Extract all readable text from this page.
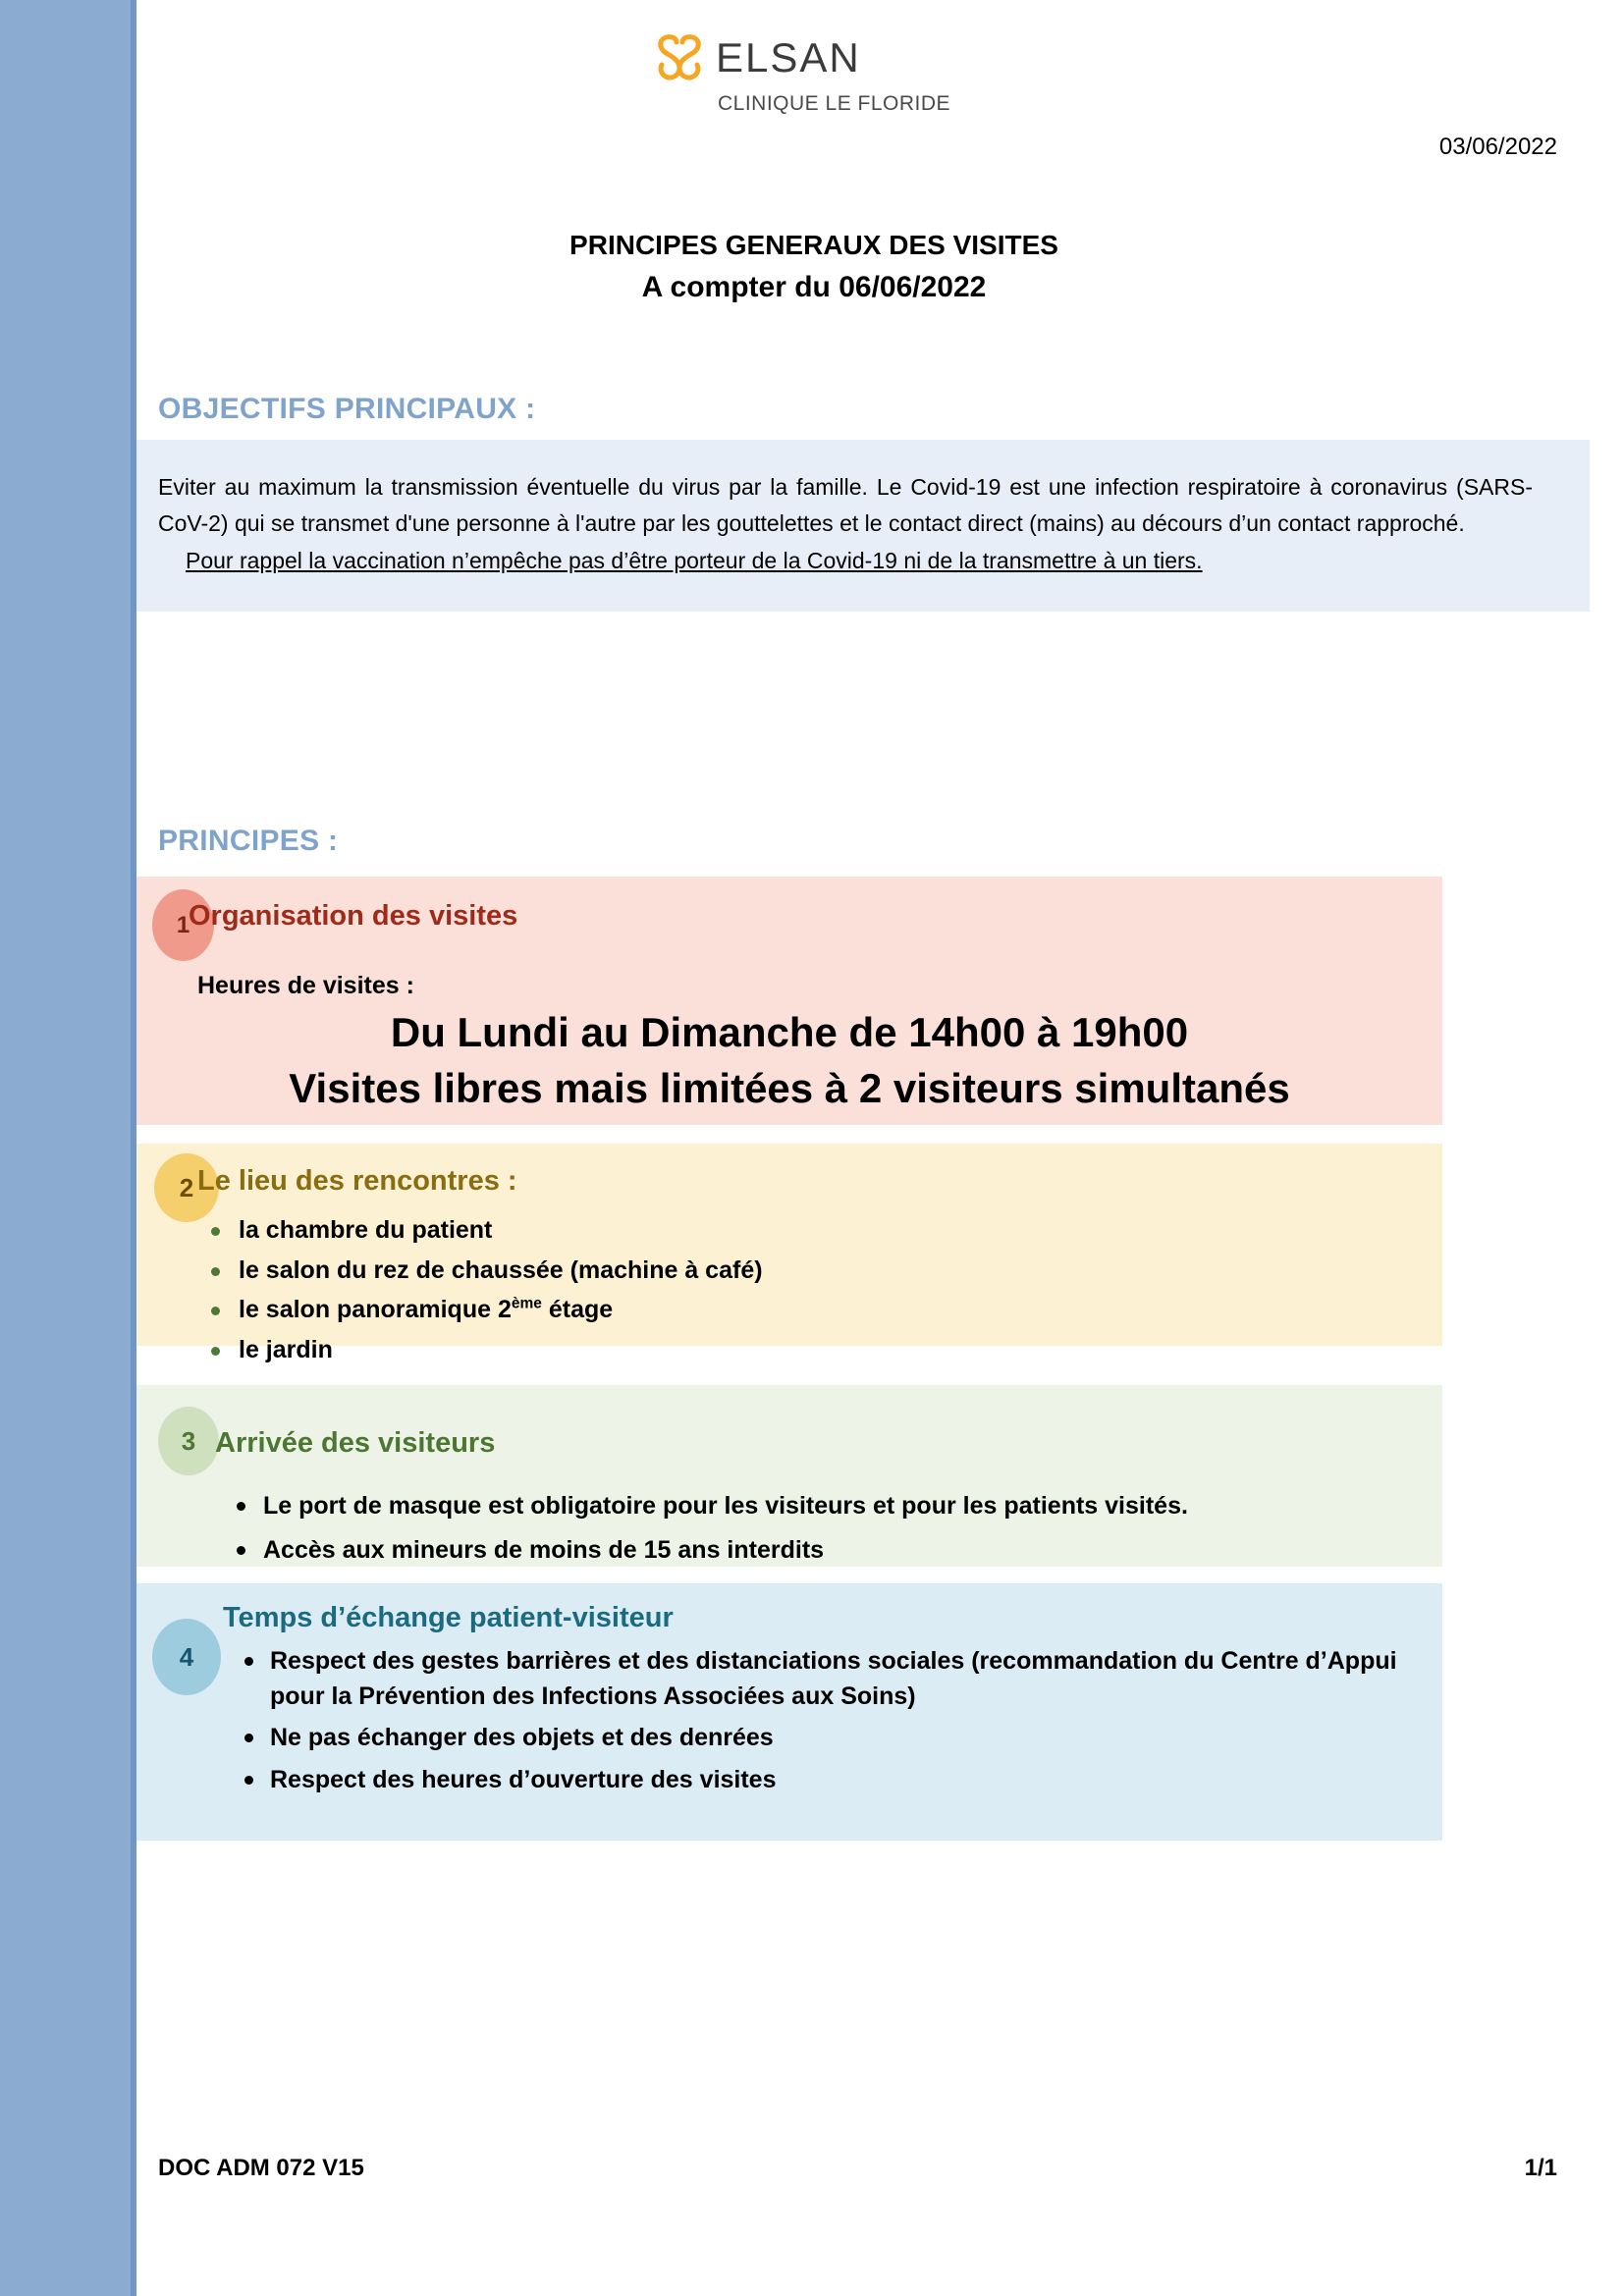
ELSAN
CLINIQUE LE FLORIDE
03/06/2022
PRINCIPES GENERAUX DES VISITES
A compter du 06/06/2022
OBJECTIFS PRINCIPAUX :

Eviter au maximum la transmission éventuelle du virus par la famille. Le Covid-19 est une infection respiratoire à coronavirus (SARS-CoV-2) qui se transmet d'une personne à l'autre par les gouttelettes et le contact direct (mains) au décours d’un contact rapproché.

Pour rappel la vaccination n’empêche pas d’être porteur de la Covid-19 ni de la transmettre à un tiers.

PRINCIPES :
1
Organisation des visites
Heures de visites :
Du Lundi au Dimanche de 14h00 à 19h00
Visites libres mais limitées à 2 visiteurs simultanés
2 Le lieu des rencontres :
la chambre du patient
le salon du rez de chaussée (machine à café)
le salon panoramique 2ème étage
le jardin
3 Arrivée des visiteurs
Le port de masque est obligatoire pour les visiteurs et pour les patients visités.
Accès aux mineurs de moins de 15 ans interdits
4
Temps d’échange patient-visiteur
Respect des gestes barrières et des distanciations sociales (recommandation du Centre d’Appui pour la Prévention des Infections Associées aux Soins)
Ne pas échanger des objets et des denrées
Respect des heures d’ouverture des visites
DOC ADM 072 V15	1/1
